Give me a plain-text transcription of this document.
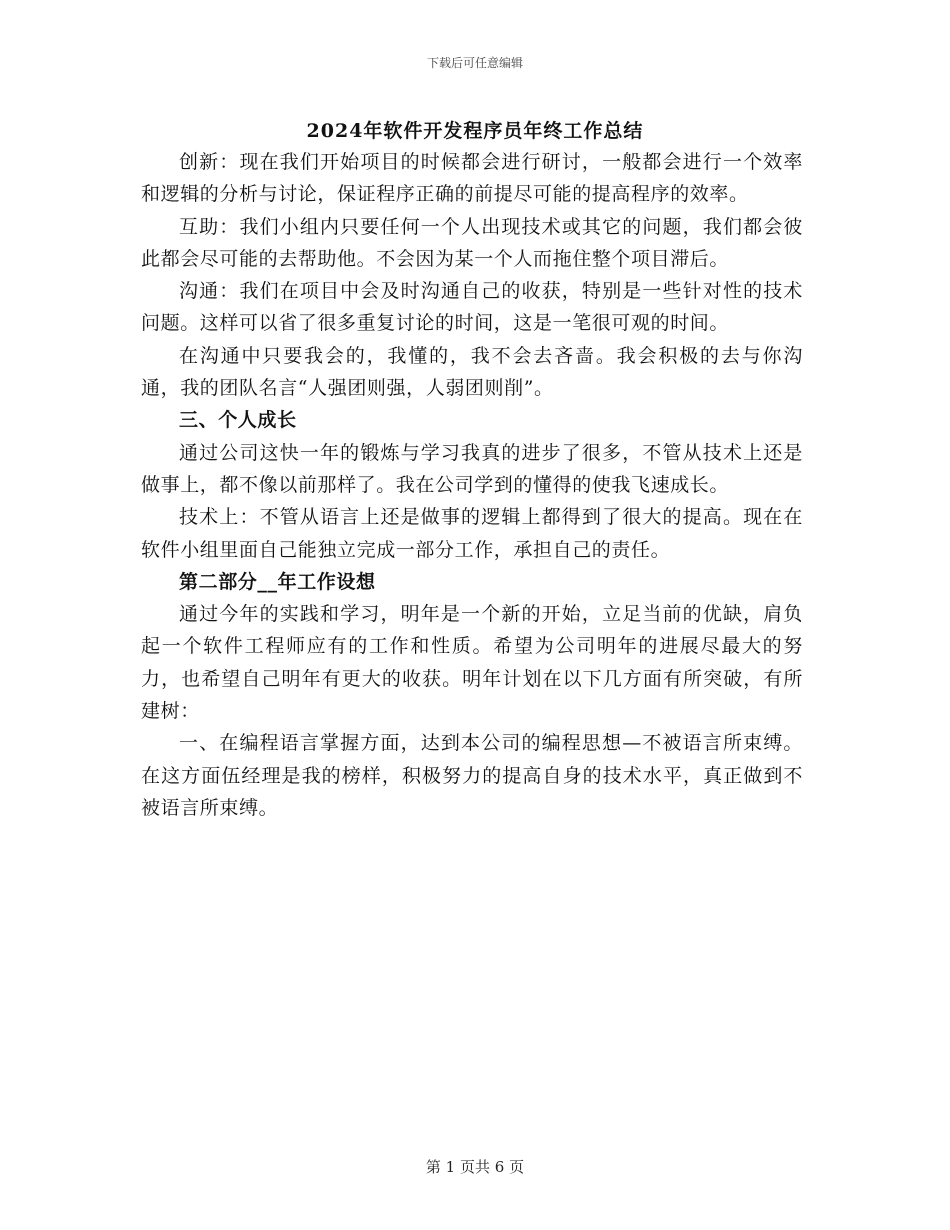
下载后可任意编辑
2024年软件开发程序员年终工作总结

创新：现在我们开始项目的时候都会进行研讨，一般都会进行一个效率和逻辑的分析与讨论，保证程序正确的前提尽可能的提高程序的效率。

互助：我们小组内只要任何一个人出现技术或其它的问题，我们都会彼此都会尽可能的去帮助他。不会因为某一个人而拖住整个项目滞后。

沟通：我们在项目中会及时沟通自己的收获，特别是一些针对性的技术问题。这样可以省了很多重复讨论的时间，这是一笔很可观的时间。

在沟通中只要我会的，我懂的，我不会去吝啬。我会积极的去与你沟通，我的团队名言“人强团则强，人弱团则削”。

三、个人成长

通过公司这快一年的锻炼与学习我真的进步了很多，不管从技术上还是做事上，都不像以前那样了。我在公司学到的懂得的使我飞速成长。

技术上：不管从语言上还是做事的逻辑上都得到了很大的提高。现在在软件小组里面自己能独立完成一部分工作，承担自己的责任。

第二部分__年工作设想

通过今年的实践和学习，明年是一个新的开始，立足当前的优缺，肩负起一个软件工程师应有的工作和性质。希望为公司明年的进展尽最大的努力，也希望自己明年有更大的收获。明年计划在以下几方面有所突破，有所建树：

一、在编程语言掌握方面，达到本公司的编程思想—不被语言所束缚。在这方面伍经理是我的榜样，积极努力的提高自身的技术水平，真正做到不被语言所束缚。

第 1 页共 6 页
